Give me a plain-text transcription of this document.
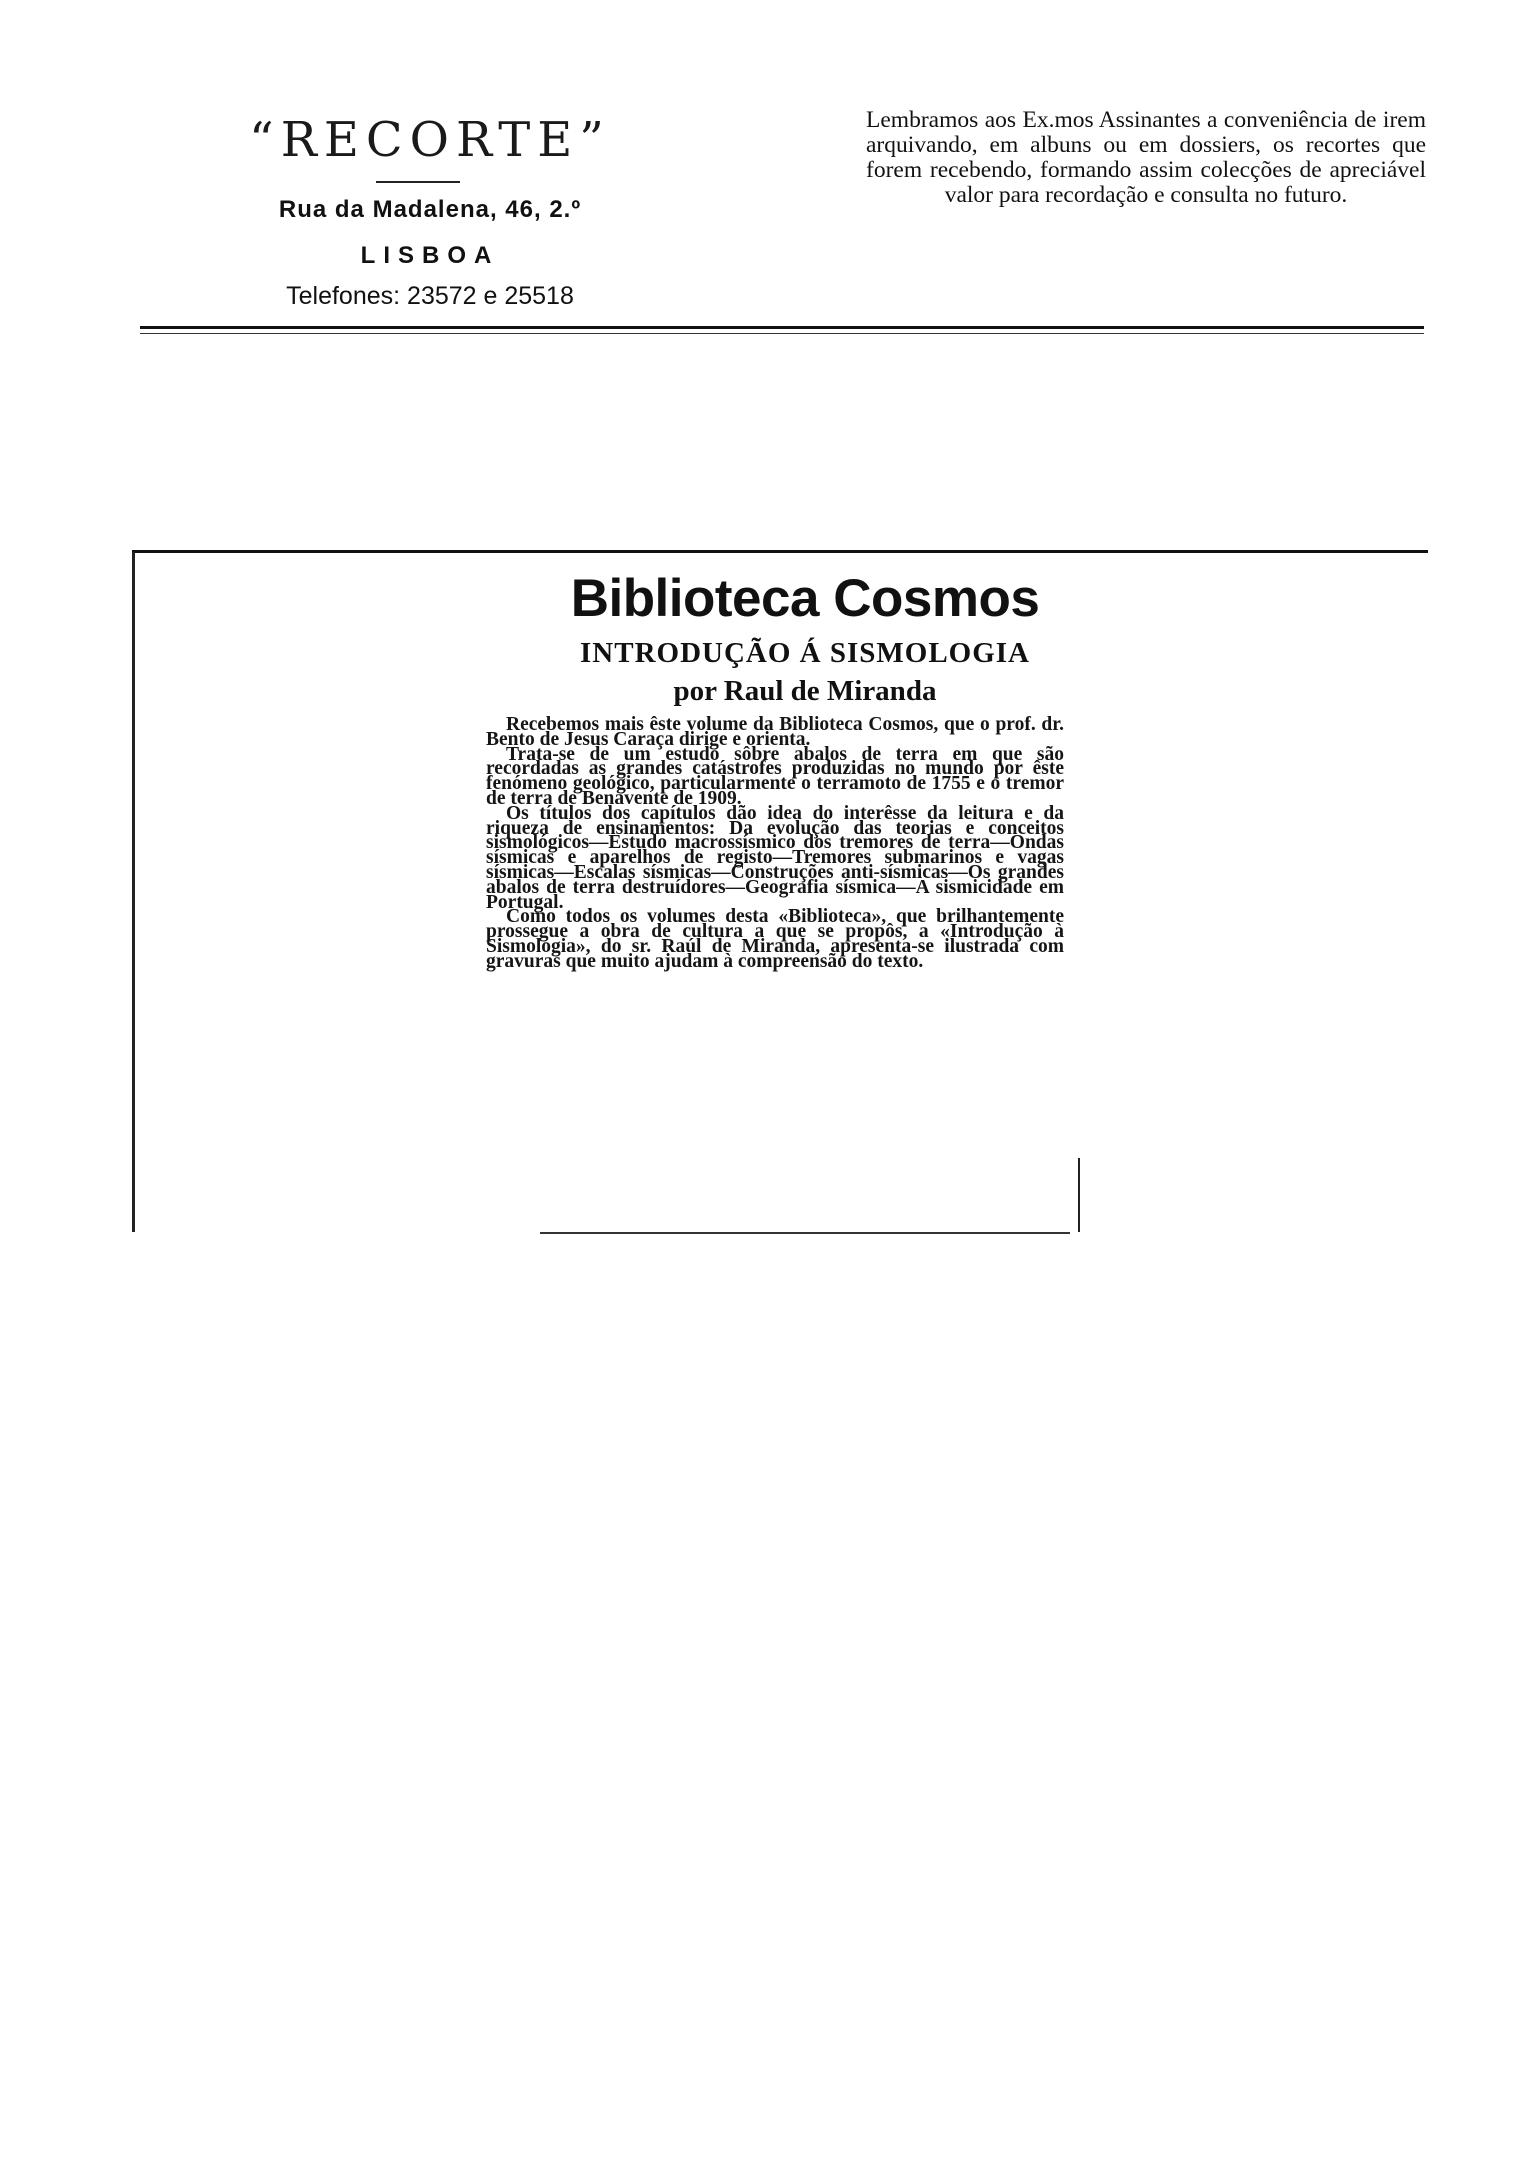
“RECORTE”
Rua da Madalena, 46, 2.º
LISBOA
Telefones: 23572 e 25518
Lembramos aos Ex.mos Assinantes a conveniência de irem arquivando, em albuns ou em dossiers, os recortes que forem recebendo, formando assim colecções de apreciável valor para recordação e consulta no futuro.
Biblioteca Cosmos
INTRODUÇÃO Á SISMOLOGIA
por Raul de Miranda

Recebemos mais êste volume da Biblioteca Cosmos, que o prof. dr. Bento de Jesus Caraça dirige e orienta.

Trata-se de um estudo sôbre abalos de terra em que são recordadas as grandes catástrofes produzidas no mundo por êste fenómeno geológico, particularmente o terramoto de 1755 e o tremor de terra de Benavente de 1909.

Os títulos dos capítulos dão idea do interêsse da leitura e da riqueza de ensinamentos: Da evolução das teorias e conceitos sismológicos—Estudo macrossísmico dos tremores de terra—Ondas sísmicas e aparelhos de registo—Tremores submarinos e vagas sísmicas—Escalas sísmicas—Construções anti-sísmicas—Os grandes abalos de terra destruídores—Geografia sísmica—A sismicidade em Portugal.

Como todos os volumes desta «Biblioteca», que brilhantemente prossegue a obra de cultura a que se propôs, a «Introdução à Sismologia», do sr. Raúl de Miranda, apresenta-se ilustrada com gravuras que muito ajudam à compreensão do texto.
